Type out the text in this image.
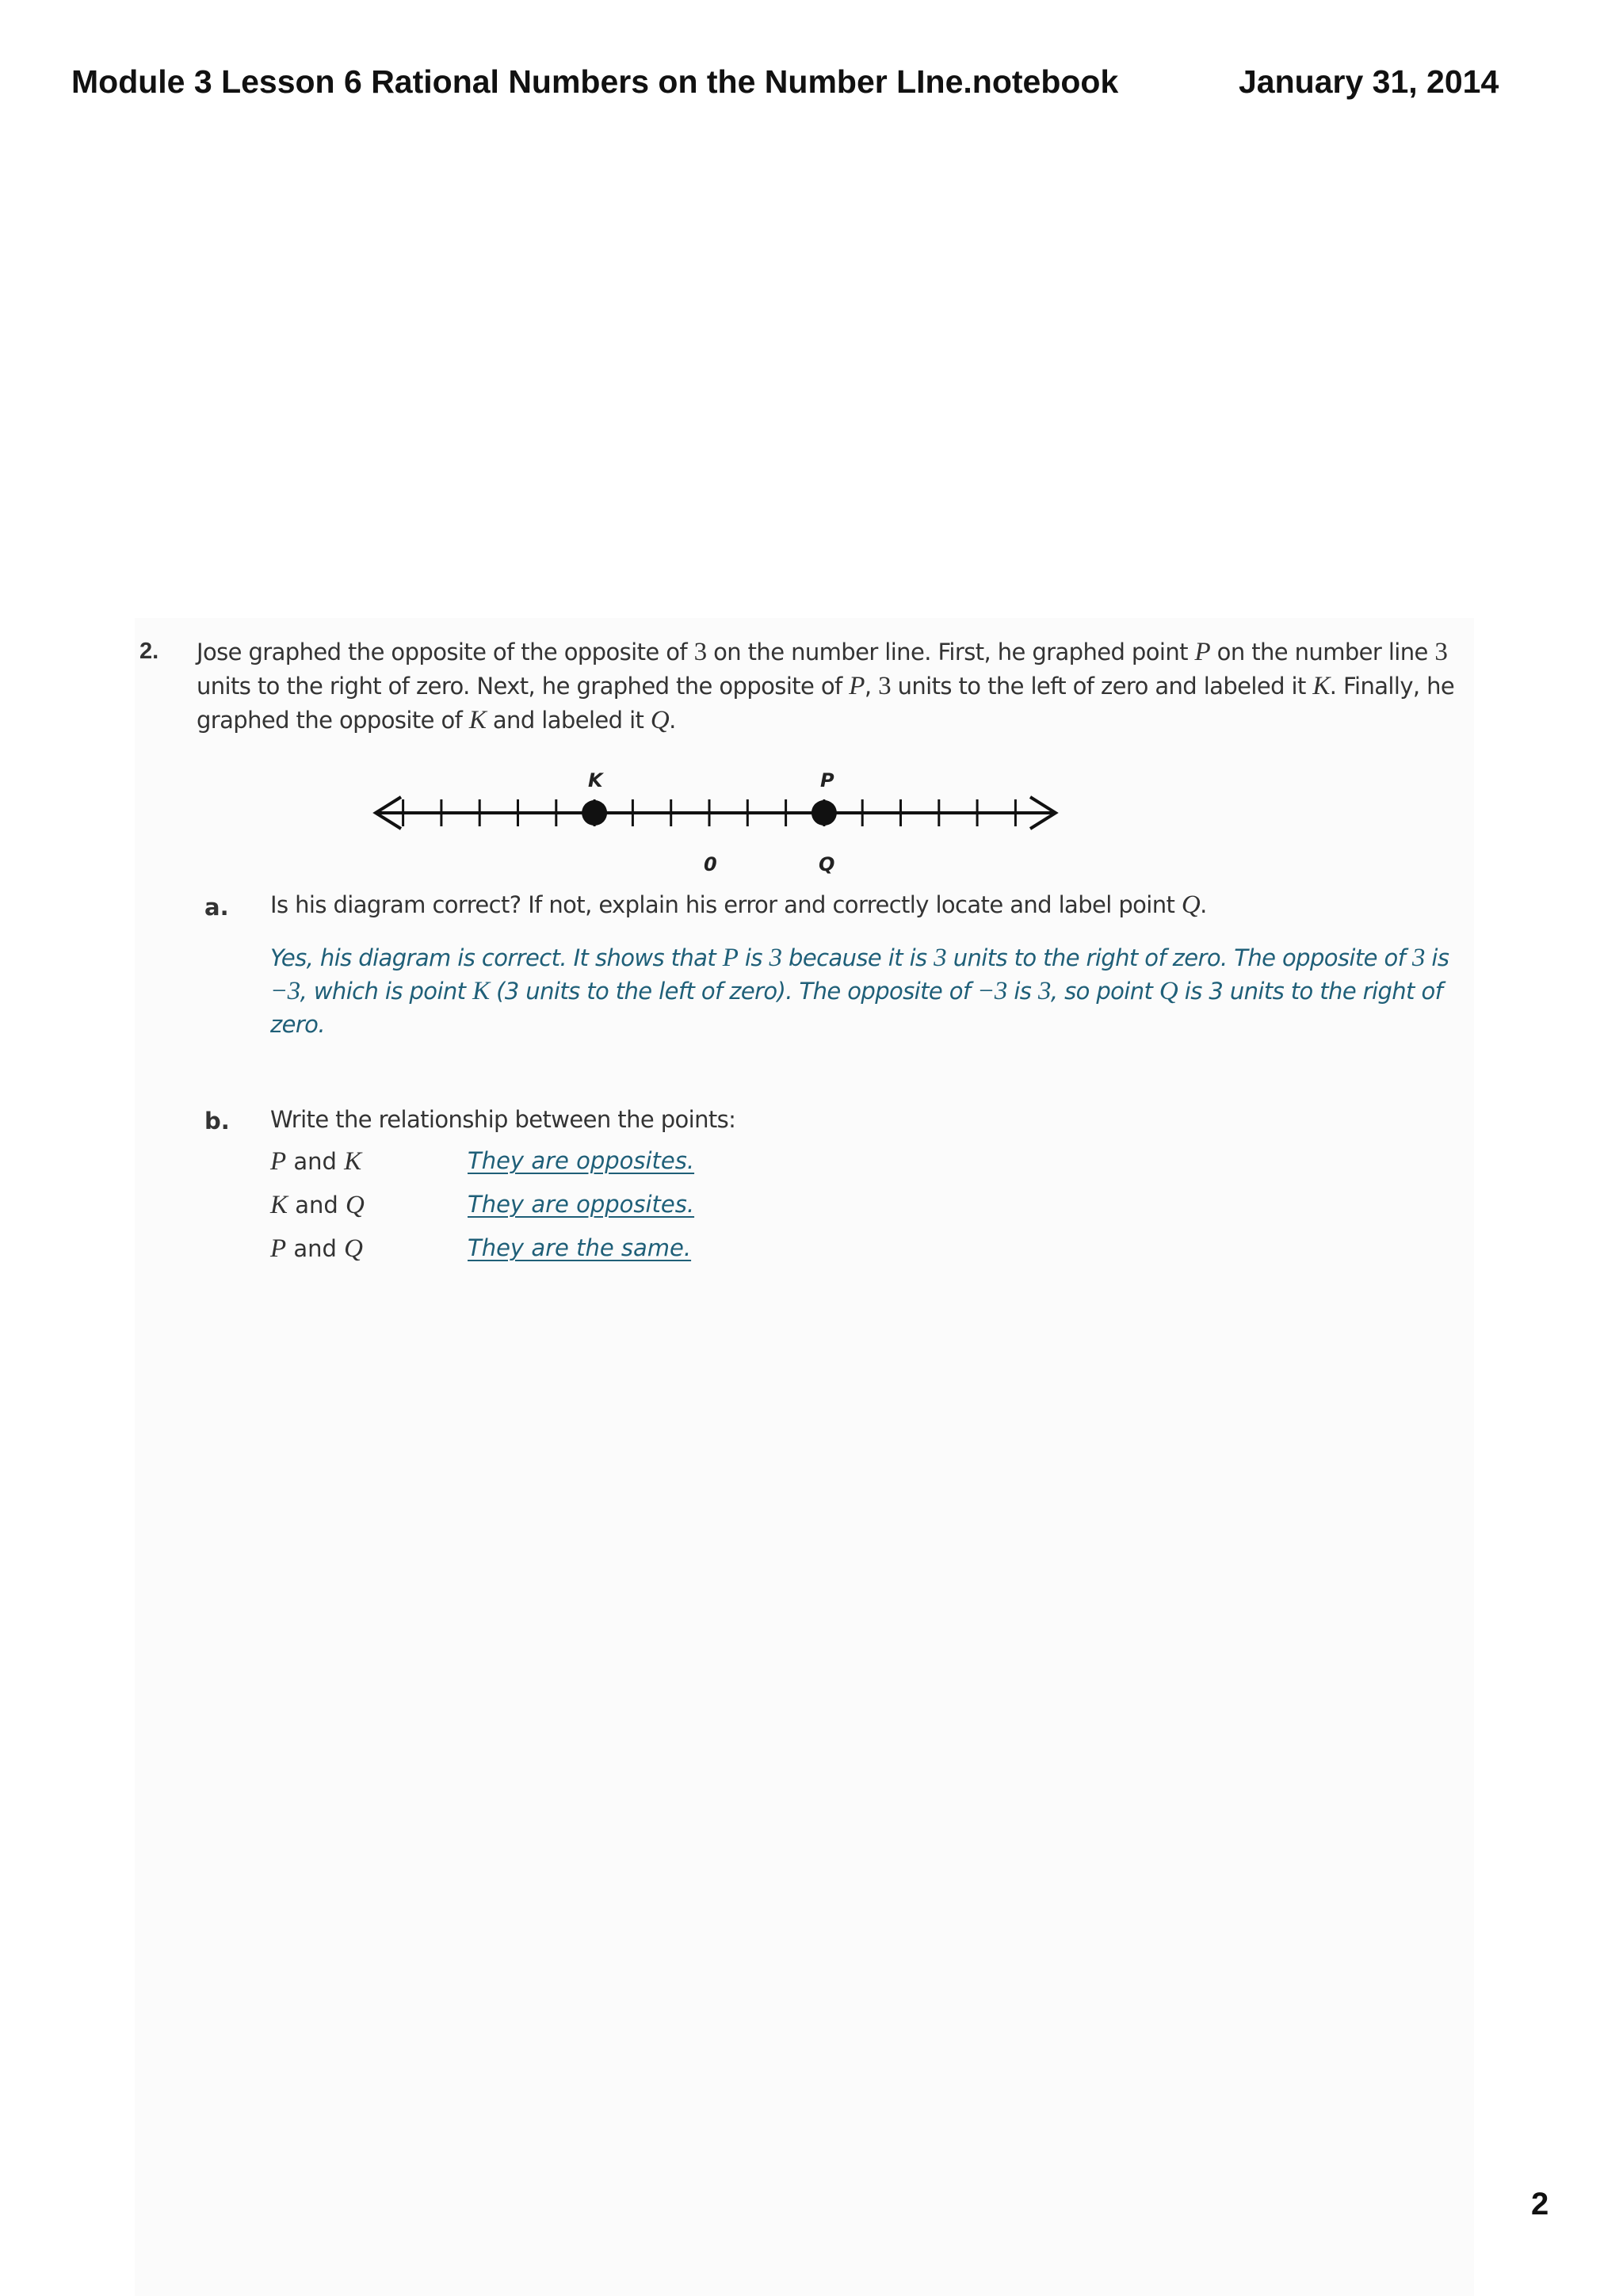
Module 3 Lesson 6 Rational Numbers on the Number LIne.notebook	January 31, 2014
2. Jose graphed the opposite of the opposite of 3 on the number line. First, he graphed point P on the number line 3

units to the right of zero. Next, he graphed the opposite of P, 3 units to the left of zero and labeled it K. Finally, he

graphed the opposite of K and labeled it Q.

K	P
0	Q
a. Is his diagram correct? If not, explain his error and correctly locate and label point Q.

Yes, his diagram is correct. It shows that P is 3 because it is 3 units to the right of zero. The opposite of 3 is

−3, which is point K (3 units to the left of zero). The opposite of −3 is 3, so point Q is 3 units to the right of

zero.

b. Write the relationship between the points:
P and K	They are opposites.
K and Q	They are opposites.
P and Q	They are the same.
2
